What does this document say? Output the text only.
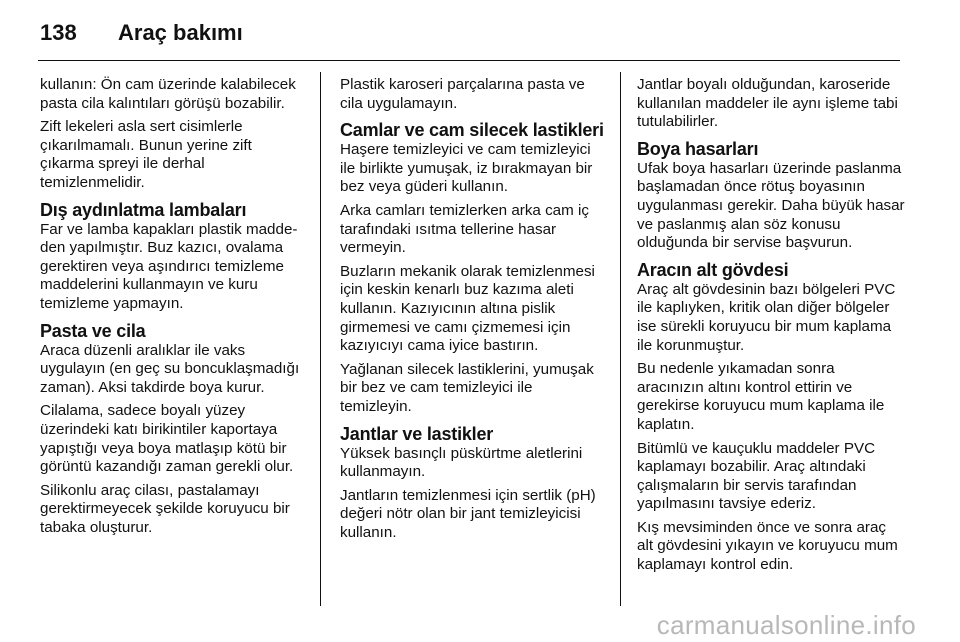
138	Araç bakımı

kullanın: Ön cam üzerinde kalabilecek pasta cila kalıntıları görüşü bozabilir.

Zift lekeleri asla sert cisimlerle çıkarılmamalı. Bunun yerine zift çıkarma spreyi ile derhal temizlenmelidir.

Dış aydınlatma lambaları

Far ve lamba kapakları plastik maddeden yapılmıştır. Buz kazıcı, ovalama gerektiren veya aşındırıcı temizleme maddelerini kullanmayın ve kuru temizleme yapmayın.

Pasta ve cila

Araca düzenli aralıklar ile vaks uygulayın (en geç su boncuklaşmadığı zaman). Aksi takdirde boya kurur.

Cilalama, sadece boyalı yüzey üzerindeki katı birikintiler kaportaya yapıştığı veya boya matlaşıp kötü bir görüntü kazandığı zaman gerekli olur.

Silikonlu araç cilası, pastalamayı gerektirmeyecek şekilde koruyucu bir tabaka oluşturur.

Plastik karoseri parçalarına pasta ve cila uygulamayın.

Camlar ve cam silecek lastikleri

Haşere temizleyici ve cam temizleyici ile birlikte yumuşak, iz bırakmayan bir bez veya güderi kullanın.

Arka camları temizlerken arka cam iç tarafındaki ısıtma tellerine hasar vermeyin.

Buzların mekanik olarak temizlenmesi için keskin kenarlı buz kazıma aleti kullanın. Kazıyıcının altına pislik girmemesi ve camı çizmemesi için kazıyıcıyı cama iyice bastırın.

Yağlanan silecek lastiklerini, yumuşak bir bez ve cam temizleyici ile temizleyin.

Jantlar ve lastikler

Yüksek basınçlı püskürtme aletlerini kullanmayın.

Jantların temizlenmesi için sertlik (pH) değeri nötr olan bir jant temizleyicisi kullanın.

Jantlar boyalı olduğundan, karoseride kullanılan maddeler ile aynı işleme tabi tutulabilirler.

Boya hasarları

Ufak boya hasarları üzerinde paslanma başlamadan önce rötuş boyasının uygulanması gerekir. Daha büyük hasar ve paslanmış alan söz konusu olduğunda bir servise başvurun.

Aracın alt gövdesi

Araç alt gövdesinin bazı bölgeleri PVC ile kaplıyken, kritik olan diğer bölgeler ise sürekli koruyucu bir mum kaplama ile korunmuştur.

Bu nedenle yıkamadan sonra aracınızın altını kontrol ettirin ve gerekirse koruyucu mum kaplama ile kaplatın.

Bitümlü ve kauçuklu maddeler PVC kaplamayı bozabilir. Araç altındaki çalışmaların bir servis tarafından yapılmasını tavsiye ederiz.

Kış mevsiminden önce ve sonra araç alt gövdesini yıkayın ve koruyucu mum kaplamayı kontrol edin.

carmanualsonline.info
